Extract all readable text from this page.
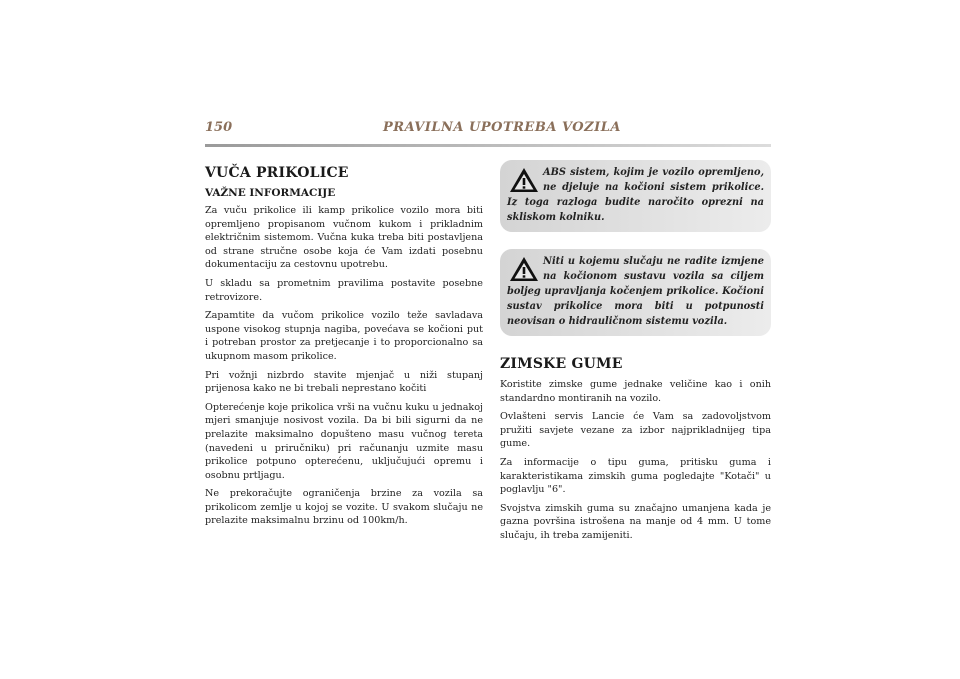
150	PRAVILNA UPOTREBA VOZILA
VUČA PRIKOLICE
VAŽNE INFORMACIJE

Za vuču prikolice ili kamp prikolice vozilo mora biti opremljeno propisanom vučnom kukom i prikladnim električnim sistemom. Vučna kuka treba biti postavljena od strane stručne osobe koja će Vam izdati posebnu dokumentaciju za cestovnu upotrebu.

U skladu sa prometnim pravilima postavite posebne retrovizore.

Zapamtite da vučom prikolice vozilo teže savladava uspone visokog stupnja nagiba, povećava se kočioni put i potreban prostor za pretjecanje i to proporcionalno sa ukupnom masom prikolice.

Pri vožnji nizbrdo stavite mjenjač u niži stupanj prijenosa kako ne bi trebali neprestano kočiti

Opterećenje koje prikolica vrši na vučnu kuku u jednakoj mjeri smanjuje nosivost vozila. Da bi bili sigurni da ne prelazite maksimalno dopušteno masu vučnog tereta (navedeni u priručniku) pri računanju uzmite masu prikolice potpuno opterećenu, uključujući opremu i osobnu prtljagu.

Ne prekoračujte ograničenja brzine za vozila sa prikolicom zemlje u kojoj se vozite. U svakom slučaju ne prelazite maksimalnu brzinu od 100km/h.

ABS sistem, kojim je vozilo opremljeno, ne djeluje na kočioni sistem prikolice. Iz toga razloga budite naročito oprezni na skliskom kolniku.

Niti u kojemu slučaju ne radite izmjene na kočionom sustavu vozila sa ciljem boljeg upravljanja kočenjem prikolice. Kočioni sustav prikolice mora biti u potpunosti neovisan o hidrauličnom sistemu vozila.

ZIMSKE GUME

Koristite zimske gume jednake veličine kao i onih standardno montiranih na vozilo.

Ovlašteni servis Lancie će Vam sa zadovoljstvom pružiti savjete vezane za izbor najprikladnijeg tipa gume.

Za informacije o tipu guma, pritisku guma i karakteristikama zimskih guma pogledajte "Kotači" u poglavlju "6".

Svojstva zimskih guma su značajno umanjena kada je gazna površina istrošena na manje od 4 mm. U tome slučaju, ih treba zamijeniti.
